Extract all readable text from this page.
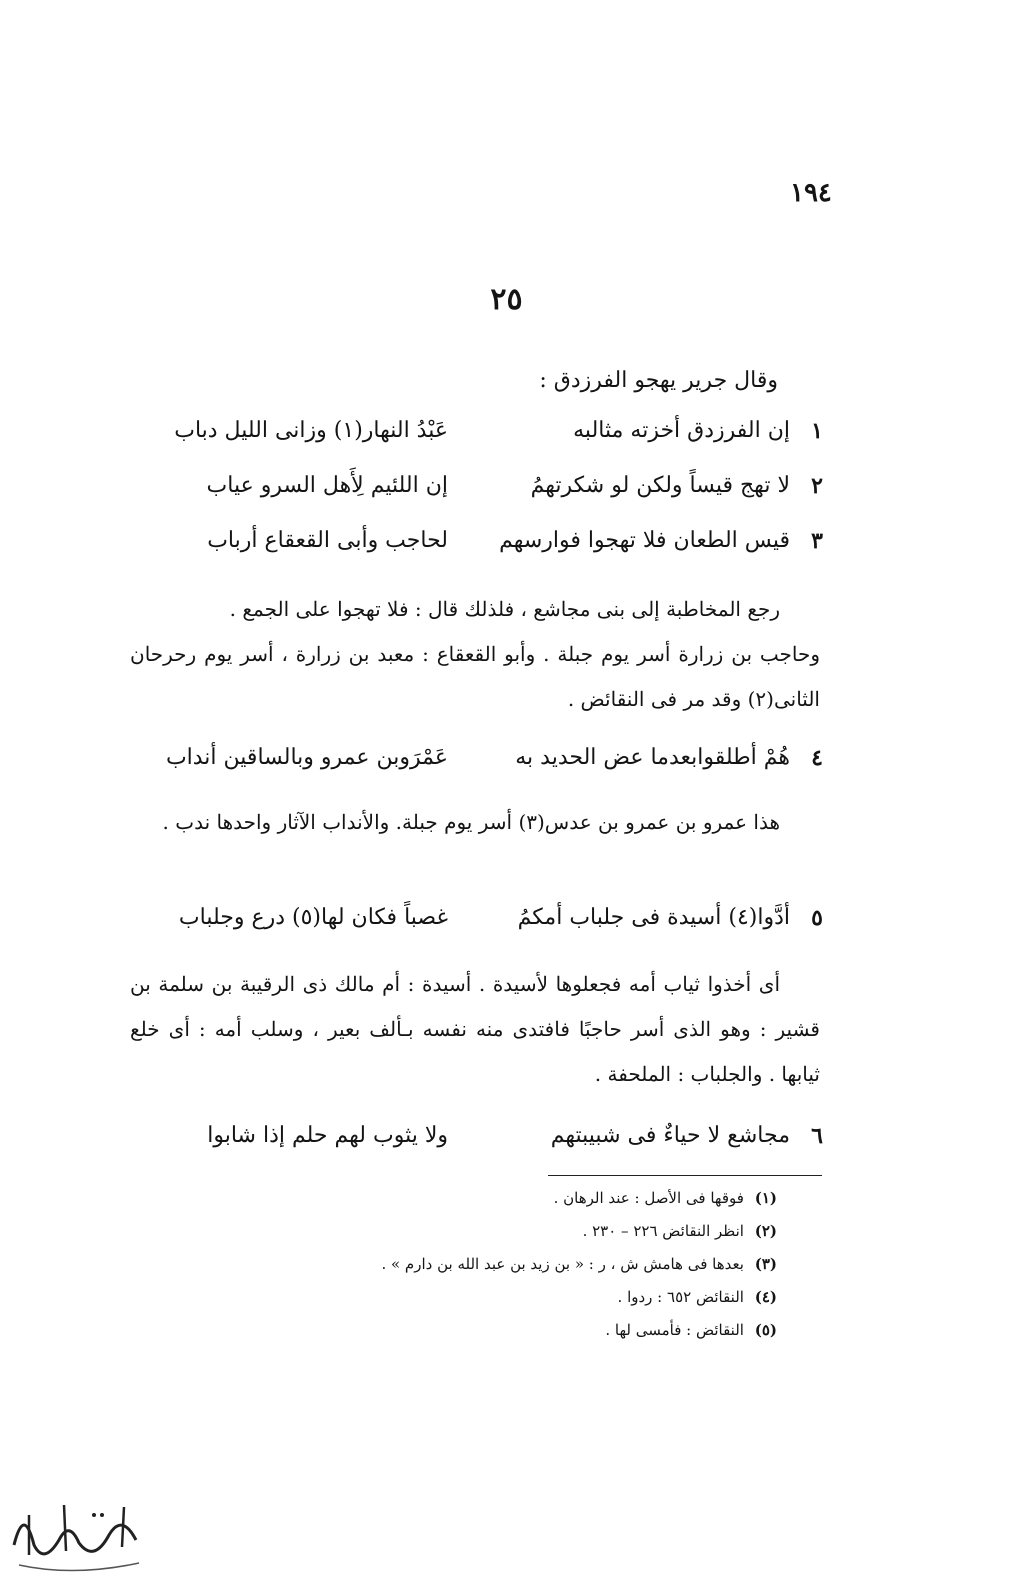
١٩٤
٢٥
وقال جرير يهجو الفرزدق :
١
إن الفرزدق أخزته مثالبه
عَبْدُ النهار(١) وزانى الليل دباب
٢
لا تهج قيساً ولكن لو شكرتهمُ
إن اللئيم لِأَهل السرو عياب
٣
قيس الطعان فلا تهجوا فوارسهم
لحاجب وأبى القعقاع أرباب

رجع المخاطبة إلى بنى مجاشع ، فلذلك قال : فلا تهجوا على الجمع .

وحاجب بن زرارة أسر يوم جبلة . وأبو القعقاع : معبد بن زرارة ، أسر يوم رحرحان الثانى(٢) وقد مر فى النقائض .

٤
هُمْ أطلقوابعدما عض الحديد به
عَمْرَوبن عمرو وبالساقين أنداب

هذا عمرو بن عمرو بن عدس(٣) أسر يوم جبلة. والأنداب الآثار واحدها ندب .

٥
أدَّوا(٤) أسيدة فى جلباب أمكمُ
غصباً فكان لها(٥) درع وجلباب

أى أخذوا ثياب أمه فجعلوها لأسيدة . أسيدة : أم مالك ذى الرقيبة بن سلمة بن قشير : وهو الذى أسر حاجبًا فافتدى منه نفسه بـألف بعير ، وسلب أمه : أى خلع ثيابها . والجلباب : الملحفة .

٦
مجاشع لا حياءٌ فى شبيبتهم
ولا يثوب لهم حلم إذا شابوا
(١) فوقها فى الأصل : عند الرهان .
(٢) انظر النقائض ٢٢٦ – ٢٣٠ .
(٣) بعدها فى هامش ش ، ر : « بن زيد بن عبد الله بن دارم » .
(٤) النقائض ٦٥٢ : ردوا .
(٥) النقائض : فأمسى لها .
